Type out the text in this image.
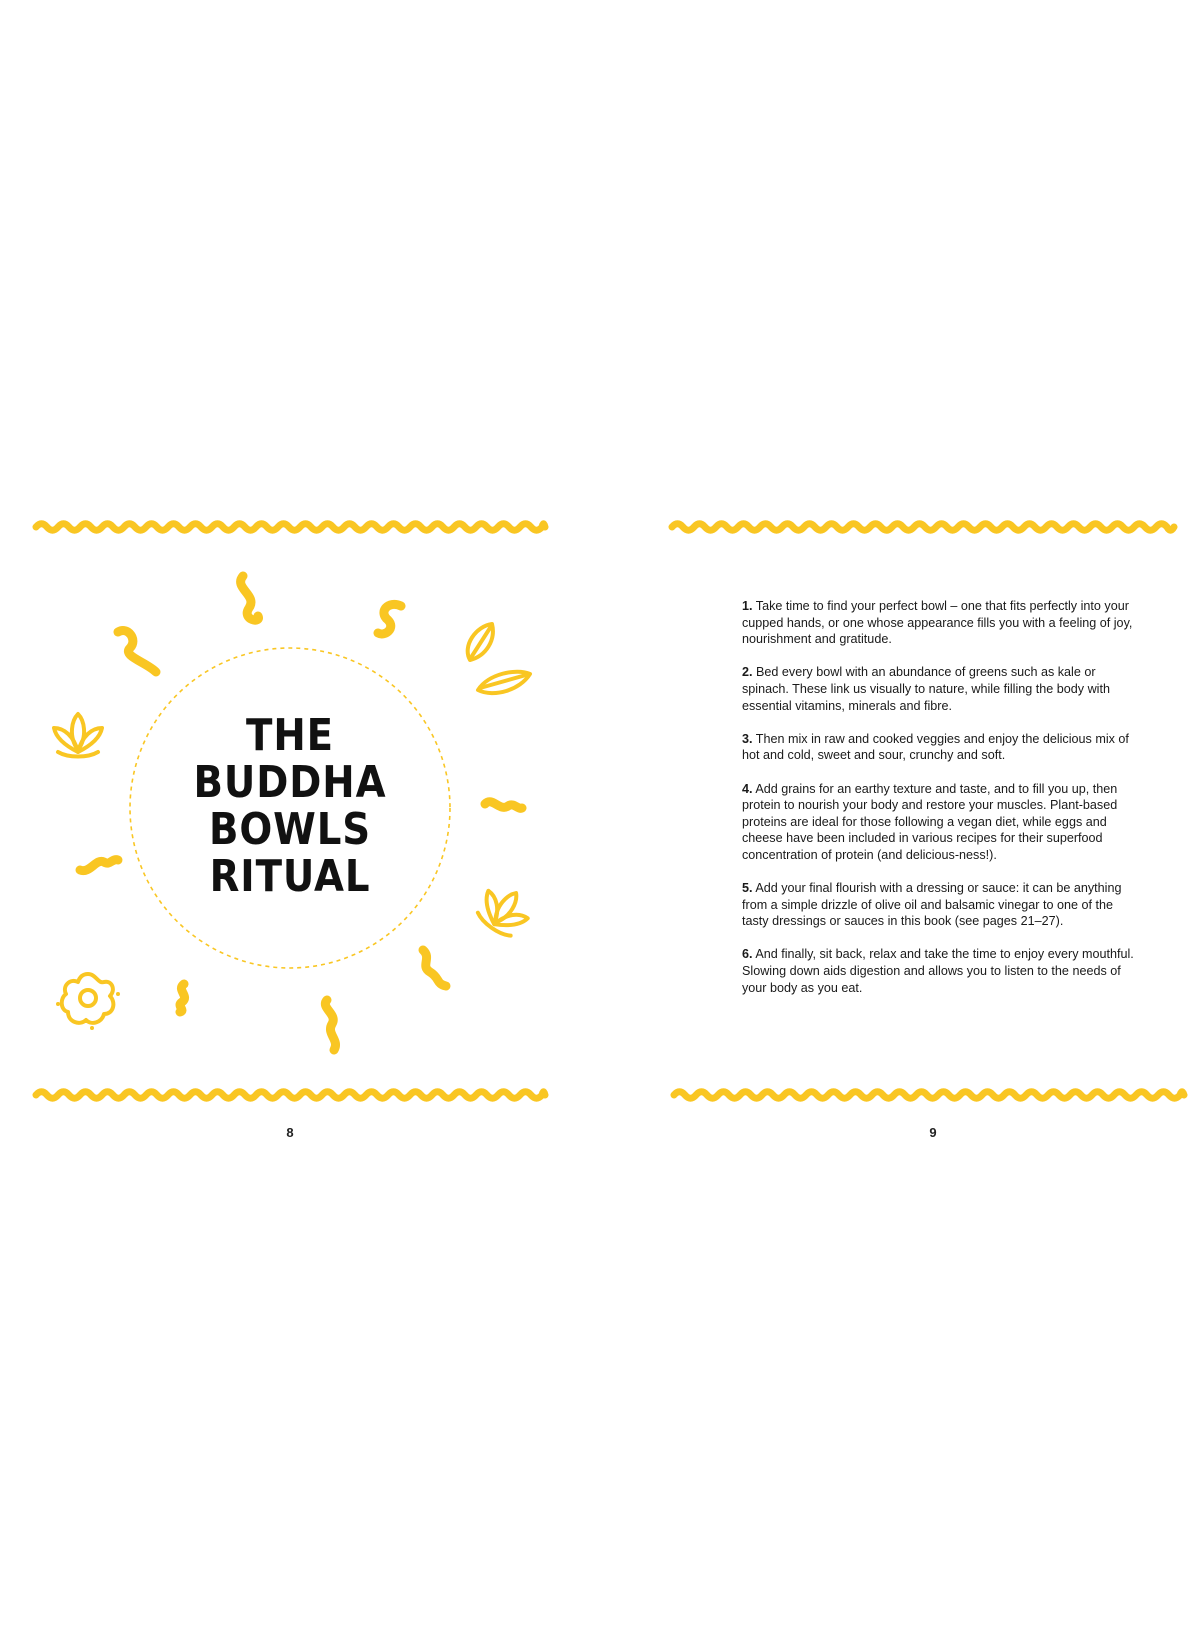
THE
BUDDHA
BOWLS
RITUAL
8

1. Take time to find your perfect bowl – one that fits perfectly into your cupped hands, or one whose appearance fills you with a feeling of joy, nourishment and gratitude.

2. Bed every bowl with an abundance of greens such as kale or spinach. These link us visually to nature, while filling the body with essential vitamins, minerals and fibre.

3. Then mix in raw and cooked veggies and enjoy the delicious mix of hot and cold, sweet and sour, crunchy and soft.

4. Add grains for an earthy texture and taste, and to fill you up, then protein to nourish your body and restore your muscles. Plant-based proteins are ideal for those following a vegan diet, while eggs and cheese have been included in various recipes for their superfood concentration of protein (and delicious-ness!).

5. Add your final flourish with a dressing or sauce: it can be anything from a simple drizzle of olive oil and balsamic vinegar to one of the tasty dressings or sauces in this book (see pages 21–27).

6. And finally, sit back, relax and take the time to enjoy every mouthful. Slowing down aids digestion and allows you to listen to the needs of your body as you eat.

9
